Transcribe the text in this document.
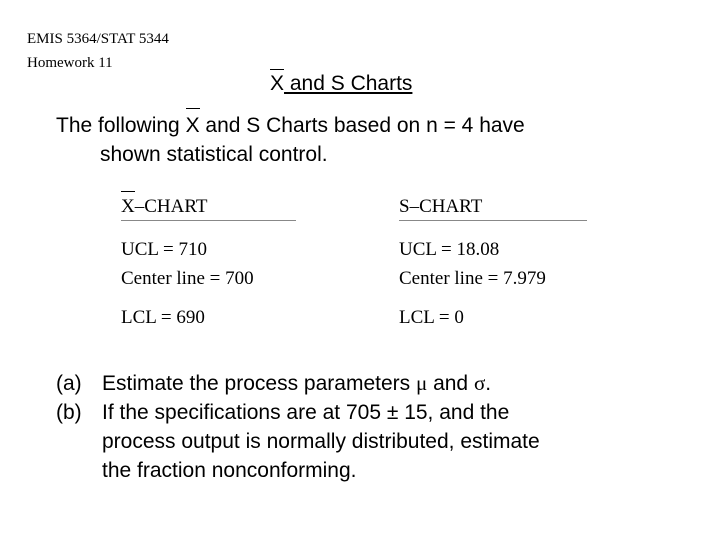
EMIS 5364/STAT 5344
Homework 11
X and S Charts
The following X and S Charts based on n = 4 have
shown statistical control.
X–CHART
UCL = 710
Center line = 700
LCL = 690
S–CHART
UCL = 18.08
Center line = 7.979
LCL = 0
(a) Estimate the process parameters μ and σ.
(b) If the specifications are at 705 ± 15, and the
process output is normally distributed, estimate
the fraction nonconforming.
